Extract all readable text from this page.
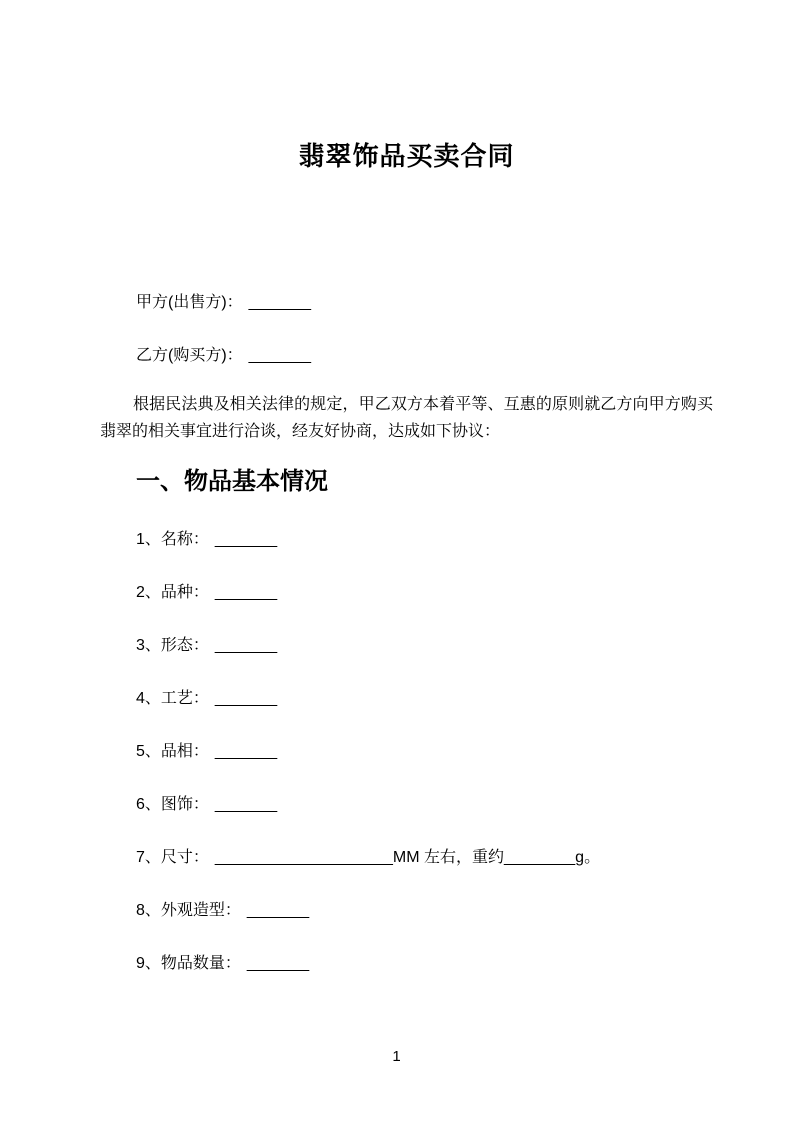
翡翠饰品买卖合同

甲方(出售方)： _______

乙方(购买方)： _______

根据民法典及相关法律的规定，甲乙双方本着平等、互惠的原则就乙方向甲方购买翡翠的相关事宜进行洽谈，经友好协商，达成如下协议：

一、物品基本情况

1、名称： _______

2、品种： _______

3、形态： _______

4、工艺： _______

5、品相： _______

6、图饰： _______

7、尺寸： ____________________MM 左右，重约________g。

8、外观造型： _______

9、物品数量： _______

1
